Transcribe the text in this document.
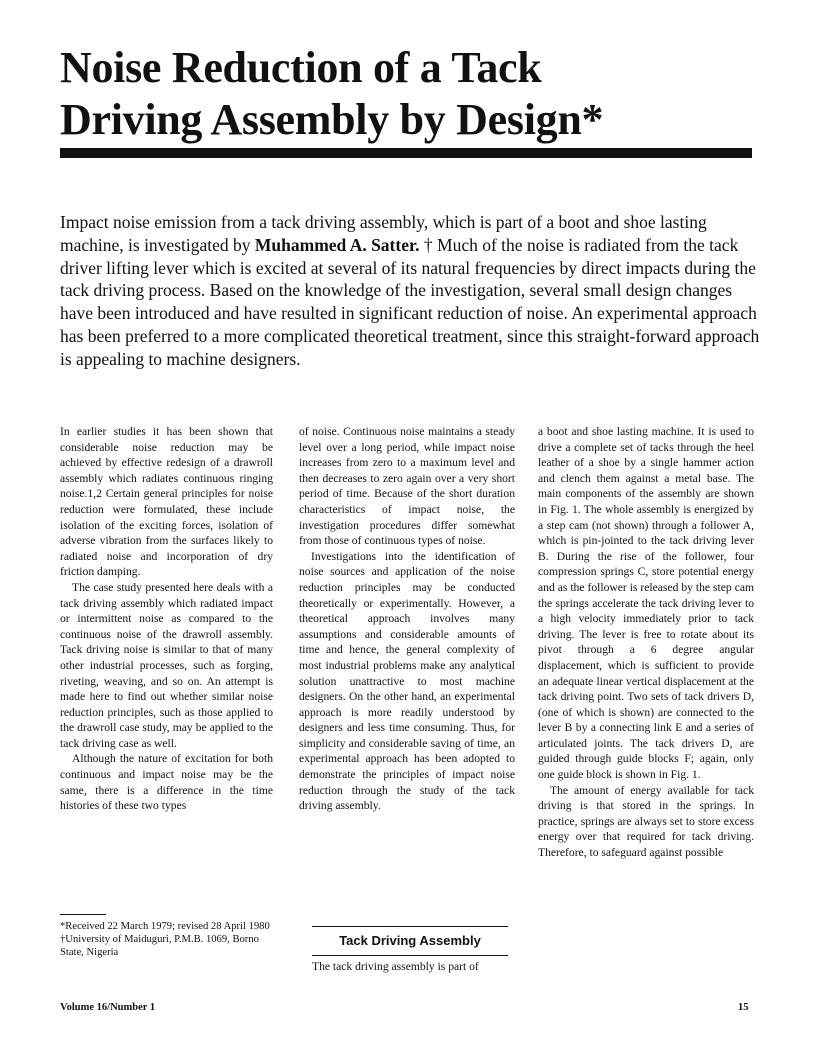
Noise Reduction of a Tack
Driving Assembly by Design*

Impact noise emission from a tack driving assembly, which is part of a boot and shoe lasting machine, is investigated by Muhammed A. Satter. † Much of the noise is radiated from the tack driver lifting lever which is excited at several of its natural frequencies by direct impacts during the tack driving process. Based on the knowledge of the investigation, several small design changes have been introduced and have resulted in significant reduction of noise. An experimental approach has been preferred to a more complicated theoretical treatment, since this straight-forward approach is appealing to machine designers.

In earlier studies it has been shown that considerable noise reduction may be achieved by effective redesign of a drawroll assembly which radiates continuous ringing noise.1,2 Certain general principles for noise reduction were formulated, these include isolation of the exciting forces, isolation of adverse vibration from the surfaces likely to radiated noise and incorporation of dry friction damping.

The case study presented here deals with a tack driving assembly which radiated impact or intermittent noise as compared to the continuous noise of the drawroll assembly. Tack driving noise is similar to that of many other industrial processes, such as forging, riveting, weaving, and so on. An attempt is made here to find out whether similar noise reduction principles, such as those applied to the drawroll case study, may be applied to the tack driving case as well.

Although the nature of excitation for both continuous and impact noise may be the same, there is a difference in the time histories of these two types

*Received 22 March 1979; revised 28 April 1980
†University of Maiduguri, P.M.B. 1069, Borno State, Nigeria

of noise. Continuous noise maintains a steady level over a long period, while impact noise increases from zero to a maximum level and then decreases to zero again over a very short period of time. Because of the short duration characteristics of impact noise, the investigation procedures differ somewhat from those of continuous types of noise.

Investigations into the identification of noise sources and application of the noise reduction principles may be conducted theoretically or experimentally. However, a theoretical approach involves many assumptions and considerable amounts of time and hence, the general complexity of most industrial problems make any analytical solution unattractive to most machine designers. On the other hand, an experimental approach is more readily understood by designers and less time consuming. Thus, for simplicity and considerable saving of time, an experimental approach has been adopted to demonstrate the principles of impact noise reduction through the study of the tack driving assembly.

Tack Driving Assembly
The tack driving assembly is part of

a boot and shoe lasting machine. It is used to drive a complete set of tacks through the heel leather of a shoe by a single hammer action and clench them against a metal base. The main components of the assembly are shown in Fig. 1. The whole assembly is energized by a step cam (not shown) through a follower A, which is pin-jointed to the tack driving lever B. During the rise of the follower, four compression springs C, store potential energy and as the follower is released by the step cam the springs accelerate the tack driving lever to a high velocity immediately prior to tack driving. The lever is free to rotate about its pivot through a 6 degree angular displacement, which is sufficient to provide an adequate linear vertical displacement at the tack driving point. Two sets of tack drivers D, (one of which is shown) are connected to the lever B by a connecting link E and a series of articulated joints. The tack drivers D, are guided through guide blocks F; again, only one guide block is shown in Fig. 1.

The amount of energy available for tack driving is that stored in the springs. In practice, springs are always set to store excess energy over that required for tack driving. Therefore, to safeguard against possible

Volume 16/Number 1	15
